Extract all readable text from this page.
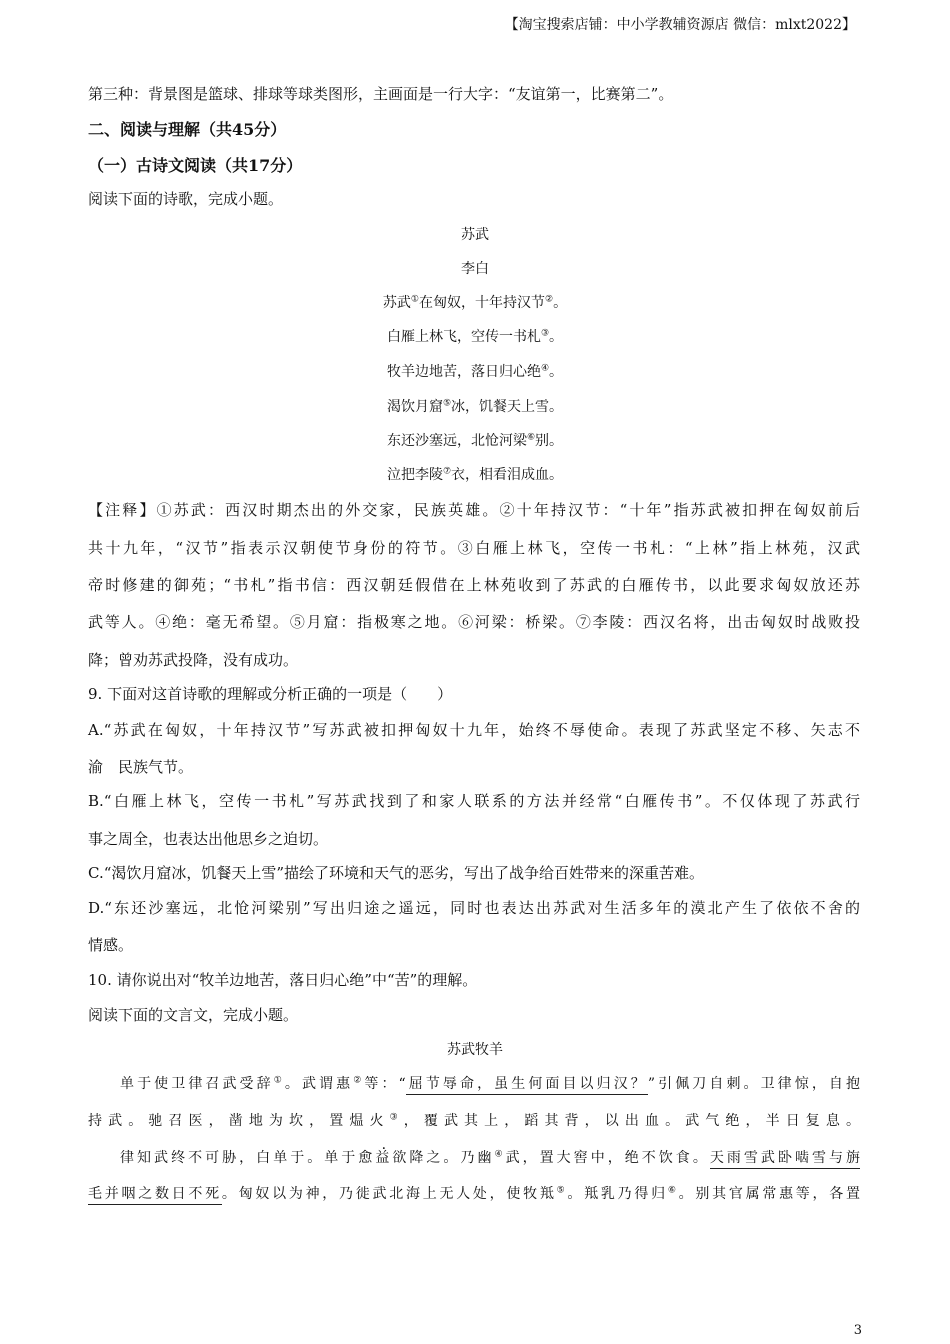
【淘宝搜索店铺：中小学教辅资源店 微信：mlxt2022】
第三种：背景图是篮球、排球等球类图形，主画面是一行大字：“友谊第一，比赛第二”。
二、阅读与理解（共45分）
（一）古诗文阅读（共17分）
阅读下面的诗歌，完成小题。
苏武
李白
苏武①在匈奴，十年持汉节②。
白雁上林飞，空传一书札③。
牧羊边地苦，落日归心绝④。
渴饮月窟⑤冰，饥餐天上雪。
东还沙塞远，北怆河梁⑥别。
泣把李陵⑦衣，相看泪成血。
【注释】①苏武：西汉时期杰出的外交家，民族英雄。②十年持汉节：“十年”指苏武被扣押在匈奴前后
共十九年，“汉节”指表示汉朝使节身份的符节。③白雁上林飞，空传一书札：“上林”指上林苑，汉武
帝时修建的御苑；“书札”指书信：西汉朝廷假借在上林苑收到了苏武的白雁传书，以此要求匈奴放还苏
武等人。④绝：毫无希望。⑤月窟：指极寒之地。⑥河梁：桥梁。⑦李陵：西汉名将，出击匈奴时战败投
降；曾劝苏武投降，没有成功。
9. 下面对这首诗歌的理解或分析正确的一项是（　　）
A.“苏武在匈奴，十年持汉节”写苏武被扣押匈奴十九年，始终不辱使命。表现了苏武坚定不移、矢志不
渝　民族气节。
B.“白雁上林飞，空传一书札”写苏武找到了和家人联系的方法并经常“白雁传书”。不仅体现了苏武行
事之周全，也表达出他思乡之迫切。
C.“渴饮月窟冰，饥餐天上雪”描绘了环境和天气的恶劣，写出了战争给百姓带来的深重苦难。
D.“东还沙塞远，北怆河梁别”写出归途之遥远，同时也表达出苏武对生活多年的漠北产生了依依不舍的
情感。
10. 请你说出对“牧羊边地苦，落日归心绝”中“苦”的理解。
阅读下面的文言文，完成小题。
苏武牧羊
单于使卫律召武受辞①。武谓惠②等：“屈节辱命，虽生何面目以归汉？”引佩刀自刺。卫律惊，自抱
持武。驰召医，凿地为坎，置煴火③，覆武其上，蹈其背，以出血。武气绝，半日复息。
律知武终不可胁，白单于。单于愈益欲降之。乃幽④武，置大窖中，绝不饮食。天雨雪武卧啮雪与旃
毛并咽之数日不死。匈奴以为神，乃徙武北海上无人处，使牧羝⑤。羝乳乃得归⑥。别其官属常惠等，各置
3
